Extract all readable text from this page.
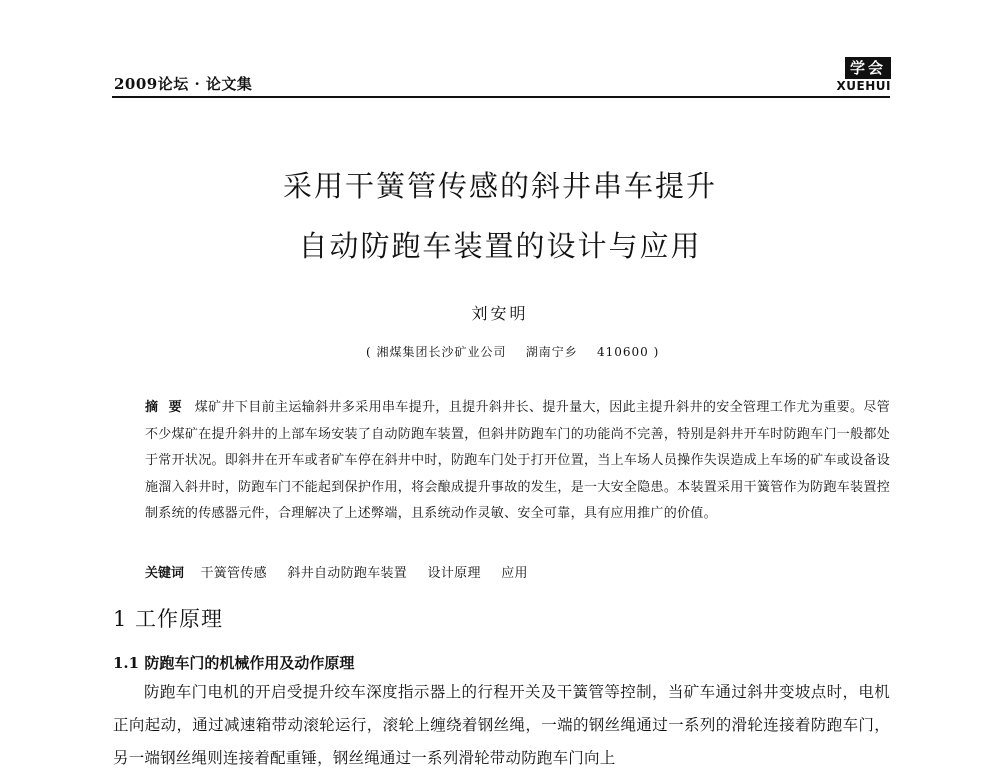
2009论坛 · 论文集
学会
XUEHUI
采用干簧管传感的斜井串车提升
自动防跑车装置的设计与应用
刘安明
( 湘煤集团长沙矿业公司    湖南宁乡    410600 )
摘 要 煤矿井下目前主运输斜井多采用串车提升，且提升斜井长、提升量大，因此主提升斜井的安全管理工作尤为重要。尽管不少煤矿在提升斜井的上部车场安装了自动防跑车装置，但斜井防跑车门的功能尚不完善，特别是斜井开车时防跑车门一般都处于常开状况。即斜井在开车或者矿车停在斜井中时，防跑车门处于打开位置，当上车场人员操作失误造成上车场的矿车或设备设施溜入斜井时，防跑车门不能起到保护作用，将会酿成提升事故的发生，是一大安全隐患。本装置采用干簧管作为防跑车装置控制系统的传感器元件，合理解决了上述弊端，且系统动作灵敏、安全可靠，具有应用推广的价值。
关键词 干簧管传感 斜井自动防跑车装置 设计原理 应用
1 工作原理
1.1 防跑车门的机械作用及动作原理
防跑车门电机的开启受提升绞车深度指示器上的行程开关及干簧管等控制，当矿车通过斜井变坡点时，电机正向起动，通过减速箱带动滚轮运行，滚轮上缠绕着钢丝绳，一端的钢丝绳通过一系列的滑轮连接着防跑车门，另一端钢丝绳则连接着配重锤，钢丝绳通过一系列滑轮带动防跑车门向上
